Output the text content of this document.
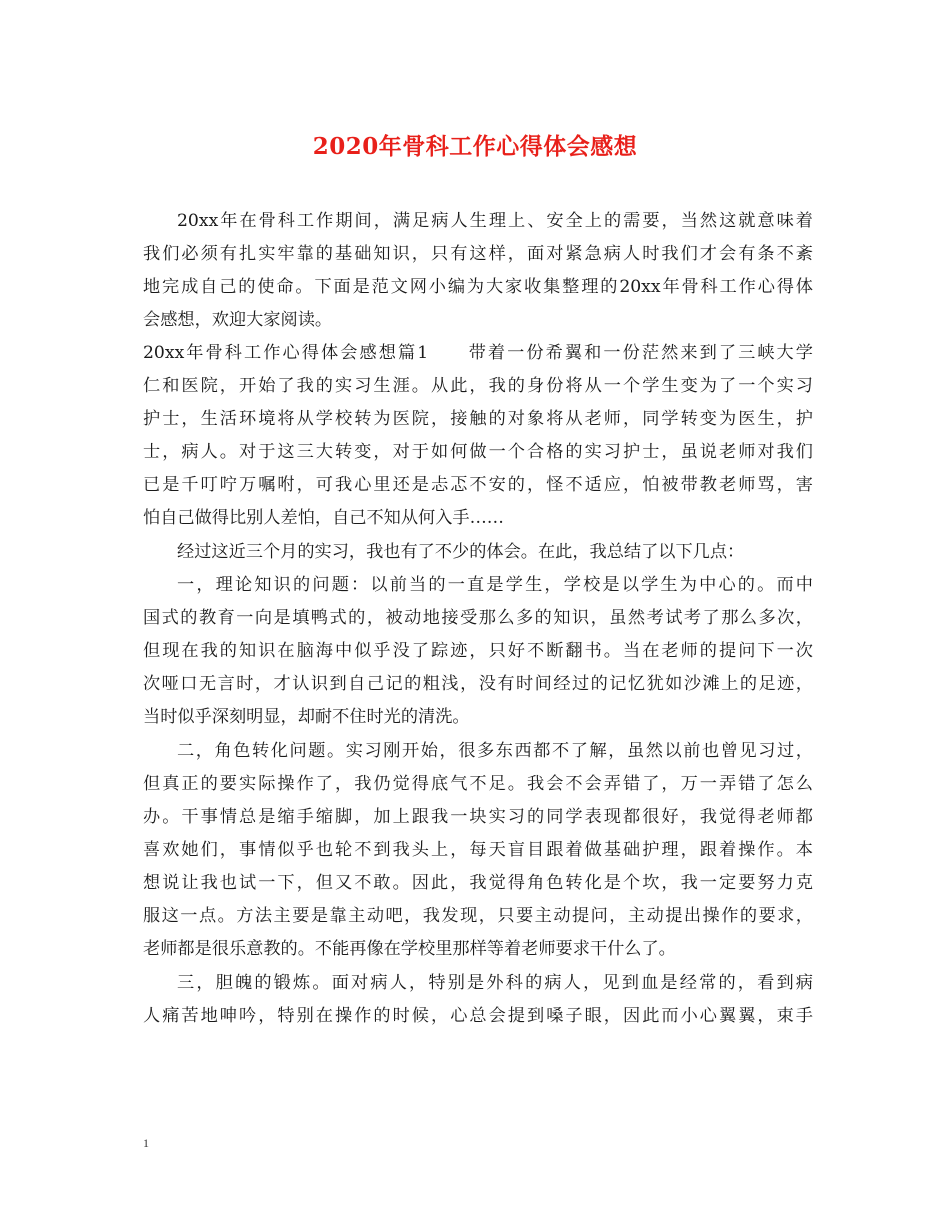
2020年骨科工作心得体会感想
20xx年在骨科工作期间，满足病人生理上、安全上的需要，当然这就意味着
我们必须有扎实牢靠的基础知识，只有这样，面对紧急病人时我们才会有条不紊
地完成自己的使命。下面是范文网小编为大家收集整理的20xx年骨科工作心得体
会感想，欢迎大家阅读。
20xx年骨科工作心得体会感想篇1　　带着一份希翼和一份茫然来到了三峡大学
仁和医院，开始了我的实习生涯。从此，我的身份将从一个学生变为了一个实习
护士，生活环境将从学校转为医院，接触的对象将从老师，同学转变为医生，护
士，病人。对于这三大转变，对于如何做一个合格的实习护士，虽说老师对我们
已是千叮咛万嘱咐，可我心里还是忐忑不安的，怪不适应，怕被带教老师骂，害
怕自己做得比别人差怕，自己不知从何入手……
经过这近三个月的实习，我也有了不少的体会。在此，我总结了以下几点：
一，理论知识的问题：以前当的一直是学生，学校是以学生为中心的。而中
国式的教育一向是填鸭式的，被动地接受那么多的知识，虽然考试考了那么多次，
但现在我的知识在脑海中似乎没了踪迹，只好不断翻书。当在老师的提问下一次
次哑口无言时，才认识到自己记的粗浅，没有时间经过的记忆犹如沙滩上的足迹，
当时似乎深刻明显，却耐不住时光的清洗。
二，角色转化问题。实习刚开始，很多东西都不了解，虽然以前也曾见习过，
但真正的要实际操作了，我仍觉得底气不足。我会不会弄错了，万一弄错了怎么
办。干事情总是缩手缩脚，加上跟我一块实习的同学表现都很好，我觉得老师都
喜欢她们，事情似乎也轮不到我头上，每天盲目跟着做基础护理，跟着操作。本
想说让我也试一下，但又不敢。因此，我觉得角色转化是个坎，我一定要努力克
服这一点。方法主要是靠主动吧，我发现，只要主动提问，主动提出操作的要求，
老师都是很乐意教的。不能再像在学校里那样等着老师要求干什么了。
三，胆魄的锻炼。面对病人，特别是外科的病人，见到血是经常的，看到病
人痛苦地呻吟，特别在操作的时候，心总会提到嗓子眼，因此而小心翼翼，束手
1
